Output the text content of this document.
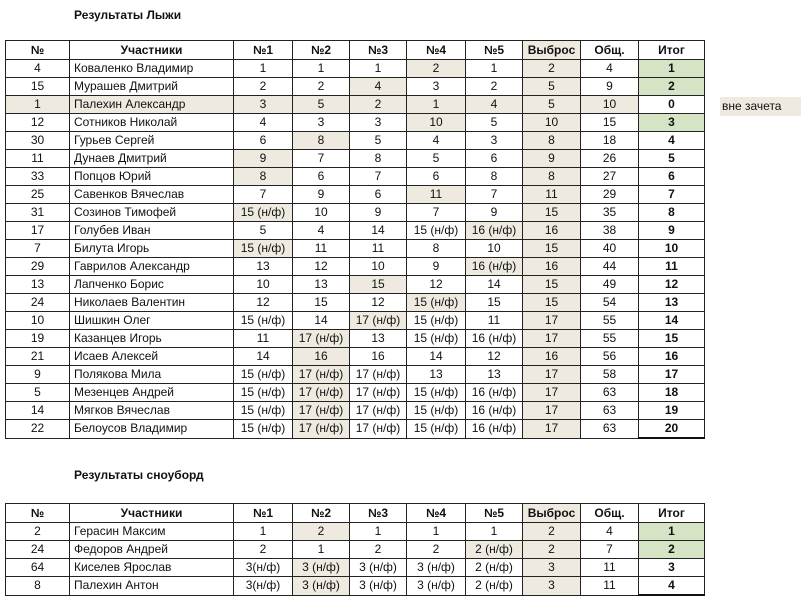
Результаты Лыжи
№	Участники	№1	№2	№3	№4	№5	Выброс	Общ.	Итог
4	Коваленко Владимир	1	1	1	2	1	2	4	1
15	Мурашев Дмитрий	2	2	4	3	2	5	9	2
1	Палехин Александр	3	5	2	1	4	5	10	0
12	Сотников Николай	4	3	3	10	5	10	15	3
30	Гурьев Сергей	6	8	5	4	3	8	18	4
11	Дунаев Дмитрий	9	7	8	5	6	9	26	5
33	Попцов Юрий	8	6	7	6	8	8	27	6
25	Савенков Вячеслав	7	9	6	11	7	11	29	7
31	Созинов Тимофей	15 (н/ф)	10	9	7	9	15	35	8
17	Голубев Иван	5	4	14	15 (н/ф)	16 (н/ф)	16	38	9
7	Билута Игорь	15 (н/ф)	11	11	8	10	15	40	10
29	Гаврилов Александр	13	12	10	9	16 (н/ф)	16	44	11
13	Лапченко Борис	10	13	15	12	14	15	49	12
24	Николаев Валентин	12	15	12	15 (н/ф)	15	15	54	13
10	Шишкин Олег	15 (н/ф)	14	17 (н/ф)	15 (н/ф)	11	17	55	14
19	Казанцев Игорь	11	17 (н/ф)	13	15 (н/ф)	16 (н/ф)	17	55	15
21	Исаев Алексей	14	16	16	14	12	16	56	16
9	Полякова Мила	15 (н/ф)	17 (н/ф)	17 (н/ф)	13	13	17	58	17
5	Мезенцев Андрей	15 (н/ф)	17 (н/ф)	17 (н/ф)	15 (н/ф)	16 (н/ф)	17	63	18
14	Мягков Вячеслав	15 (н/ф)	17 (н/ф)	17 (н/ф)	15 (н/ф)	16 (н/ф)	17	63	19
22	Белоусов Владимир	15 (н/ф)	17 (н/ф)	17 (н/ф)	15 (н/ф)	16 (н/ф)	17	63	20
вне зачета
Результаты сноуборд
№	Участники	№1	№2	№3	№4	№5	Выброс	Общ.	Итог
2	Герасин Максим	1	2	1	1	1	2	4	1
24	Федоров Андрей	2	1	2	2	2 (н/ф)	2	7	2
64	Киселев Ярослав	3(н/ф)	3 (н/ф)	3 (н/ф)	3 (н/ф)	2 (н/ф)	3	11	3
8	Палехин Антон	3(н/ф)	3 (н/ф)	3 (н/ф)	3 (н/ф)	2 (н/ф)	3	11	4
